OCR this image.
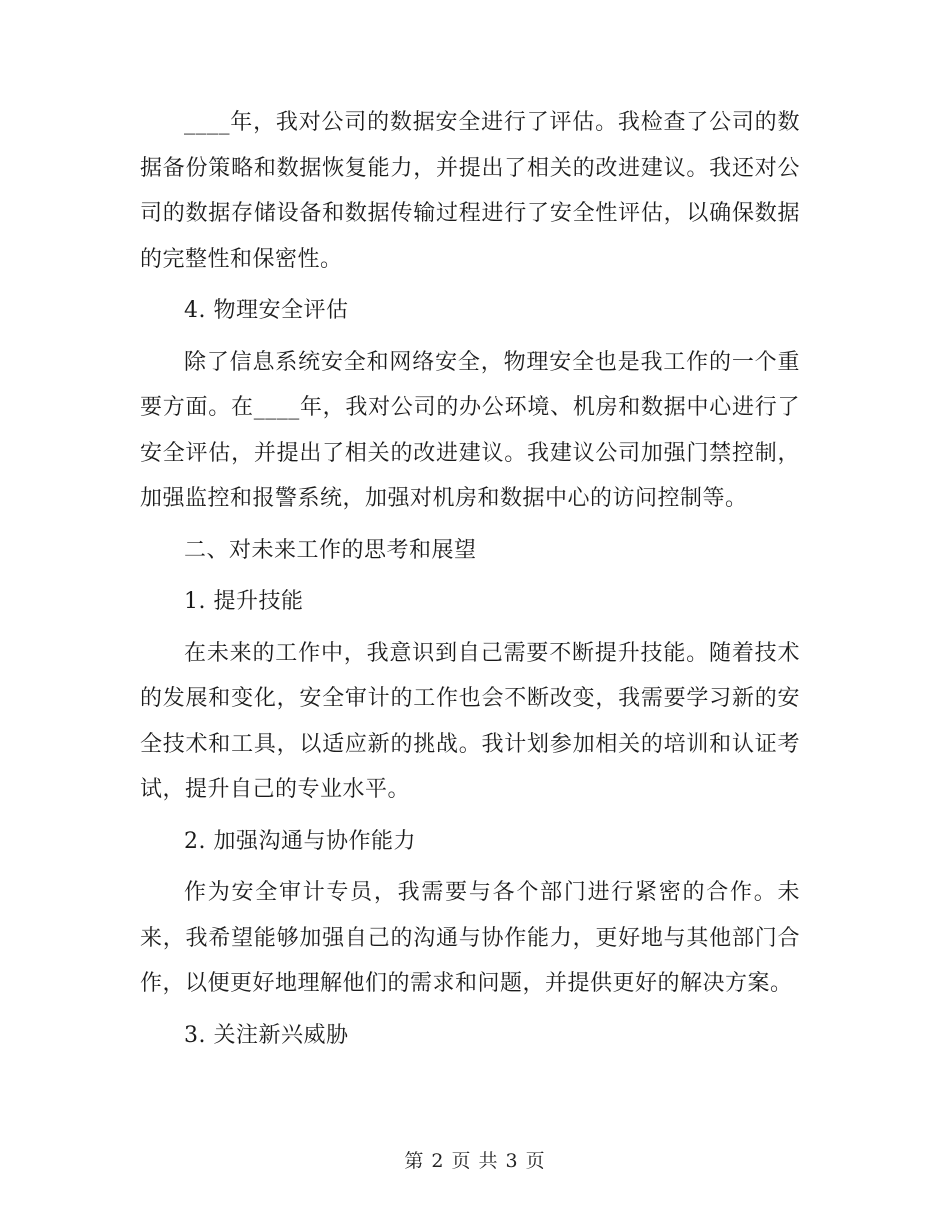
____年，我对公司的数据安全进行了评估。我检查了公司的数据备份策略和数据恢复能力，并提出了相关的改进建议。我还对公司的数据存储设备和数据传输过程进行了安全性评估，以确保数据的完整性和保密性。

4. 物理安全评估

除了信息系统安全和网络安全，物理安全也是我工作的一个重要方面。在____年，我对公司的办公环境、机房和数据中心进行了安全评估，并提出了相关的改进建议。我建议公司加强门禁控制，加强监控和报警系统，加强对机房和数据中心的访问控制等。

二、对未来工作的思考和展望

1. 提升技能

在未来的工作中，我意识到自己需要不断提升技能。随着技术的发展和变化，安全审计的工作也会不断改变，我需要学习新的安全技术和工具，以适应新的挑战。我计划参加相关的培训和认证考试，提升自己的专业水平。

2. 加强沟通与协作能力

作为安全审计专员，我需要与各个部门进行紧密的合作。未来，我希望能够加强自己的沟通与协作能力，更好地与其他部门合作，以便更好地理解他们的需求和问题，并提供更好的解决方案。

3. 关注新兴威胁

第 2 页 共 3 页
